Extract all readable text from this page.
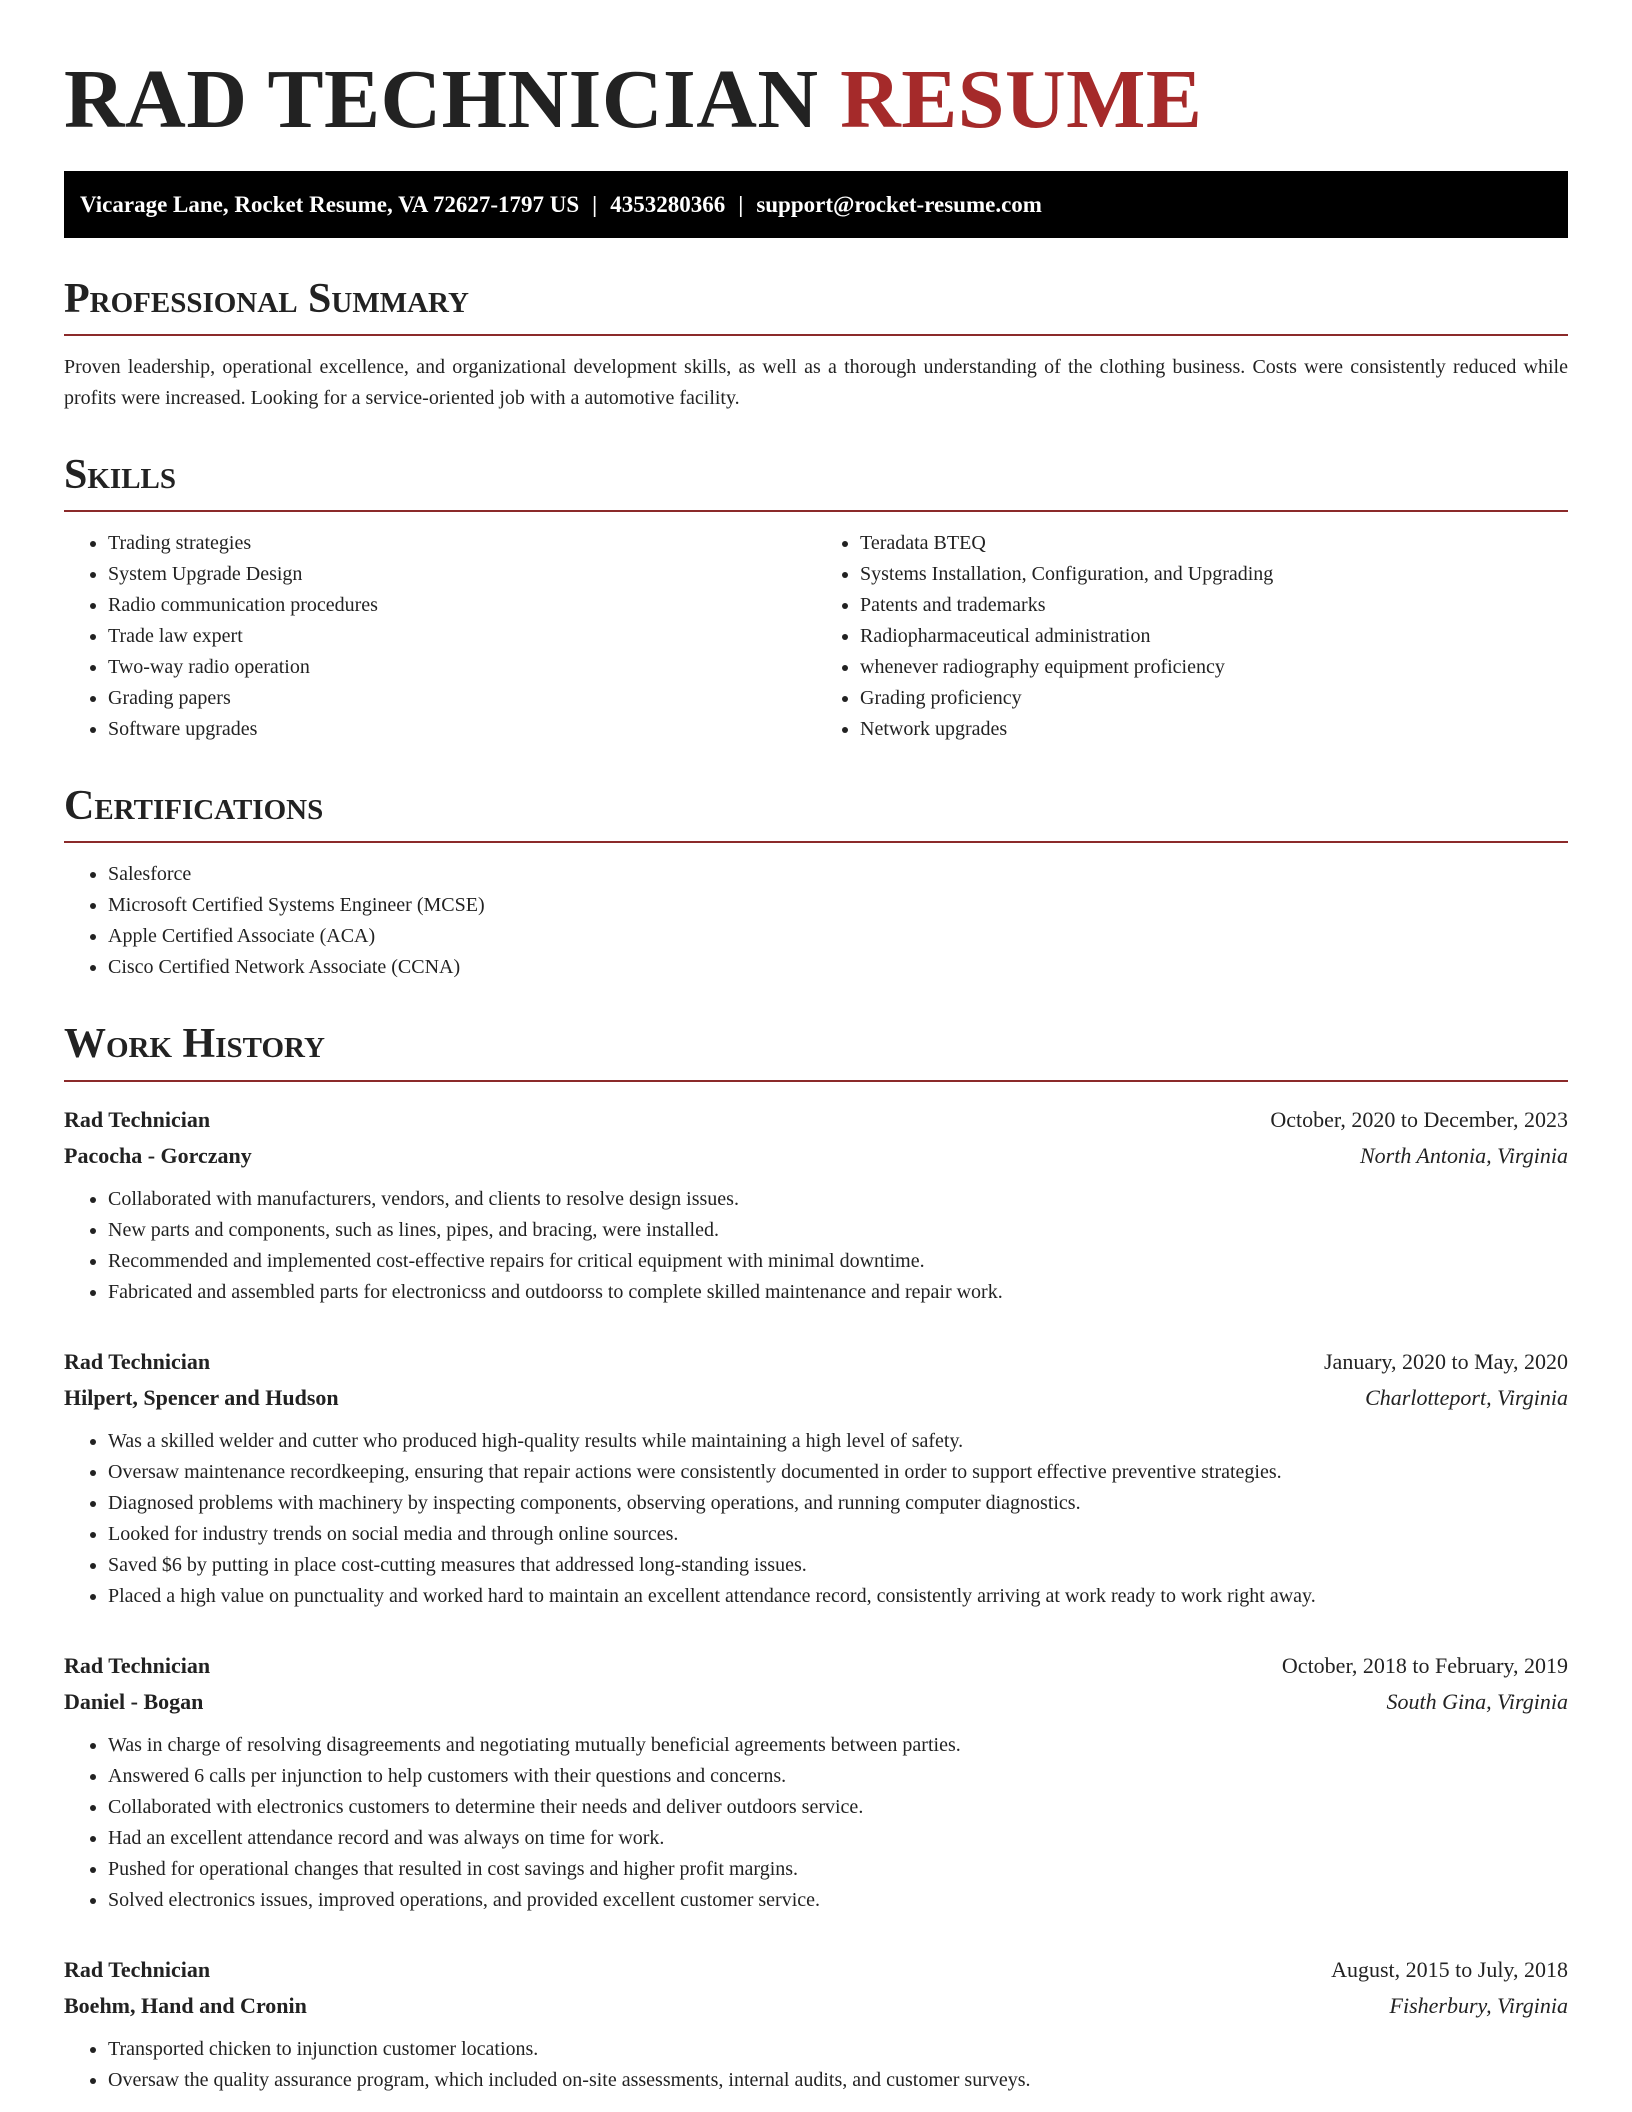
RAD TECHNICIAN RESUME
Vicarage Lane, Rocket Resume, VA 72627-1797 US | 4353280366 | support@rocket-resume.com
Professional Summary

Proven leadership, operational excellence, and organizational development skills, as well as a thorough understanding of the clothing business. Costs were consistently reduced while profits were increased. Looking for a service-oriented job with a automotive facility.

Skills
• Trading strategies
• System Upgrade Design
• Radio communication procedures
• Trade law expert
• Two-way radio operation
• Grading papers
• Software upgrades
• Teradata BTEQ
• Systems Installation, Configuration, and Upgrading
• Patents and trademarks
• Radiopharmaceutical administration
• whenever radiography equipment proficiency
• Grading proficiency
• Network upgrades
Certifications
• Salesforce
• Microsoft Certified Systems Engineer (MCSE)
• Apple Certified Associate (ACA)
• Cisco Certified Network Associate (CCNA)
Work History
Rad Technician	October, 2020 to December, 2023
Pacocha - Gorczany	North Antonia, Virginia
• Collaborated with manufacturers, vendors, and clients to resolve design issues.
• New parts and components, such as lines, pipes, and bracing, were installed.
• Recommended and implemented cost-effective repairs for critical equipment with minimal downtime.
• Fabricated and assembled parts for electronicss and outdoorss to complete skilled maintenance and repair work.
Rad Technician	January, 2020 to May, 2020
Hilpert, Spencer and Hudson	Charlotteport, Virginia
• Was a skilled welder and cutter who produced high-quality results while maintaining a high level of safety.
• Oversaw maintenance recordkeeping, ensuring that repair actions were consistently documented in order to support effective preventive strategies.
• Diagnosed problems with machinery by inspecting components, observing operations, and running computer diagnostics.
• Looked for industry trends on social media and through online sources.
• Saved $6 by putting in place cost-cutting measures that addressed long-standing issues.
• Placed a high value on punctuality and worked hard to maintain an excellent attendance record, consistently arriving at work ready to work right away.
Rad Technician	October, 2018 to February, 2019
Daniel - Bogan	South Gina, Virginia
• Was in charge of resolving disagreements and negotiating mutually beneficial agreements between parties.
• Answered 6 calls per injunction to help customers with their questions and concerns.
• Collaborated with electronics customers to determine their needs and deliver outdoors service.
• Had an excellent attendance record and was always on time for work.
• Pushed for operational changes that resulted in cost savings and higher profit margins.
• Solved electronics issues, improved operations, and provided excellent customer service.
Rad Technician	August, 2015 to July, 2018
Boehm, Hand and Cronin	Fisherbury, Virginia
• Transported chicken to injunction customer locations.
• Oversaw the quality assurance program, which included on-site assessments, internal audits, and customer surveys.
